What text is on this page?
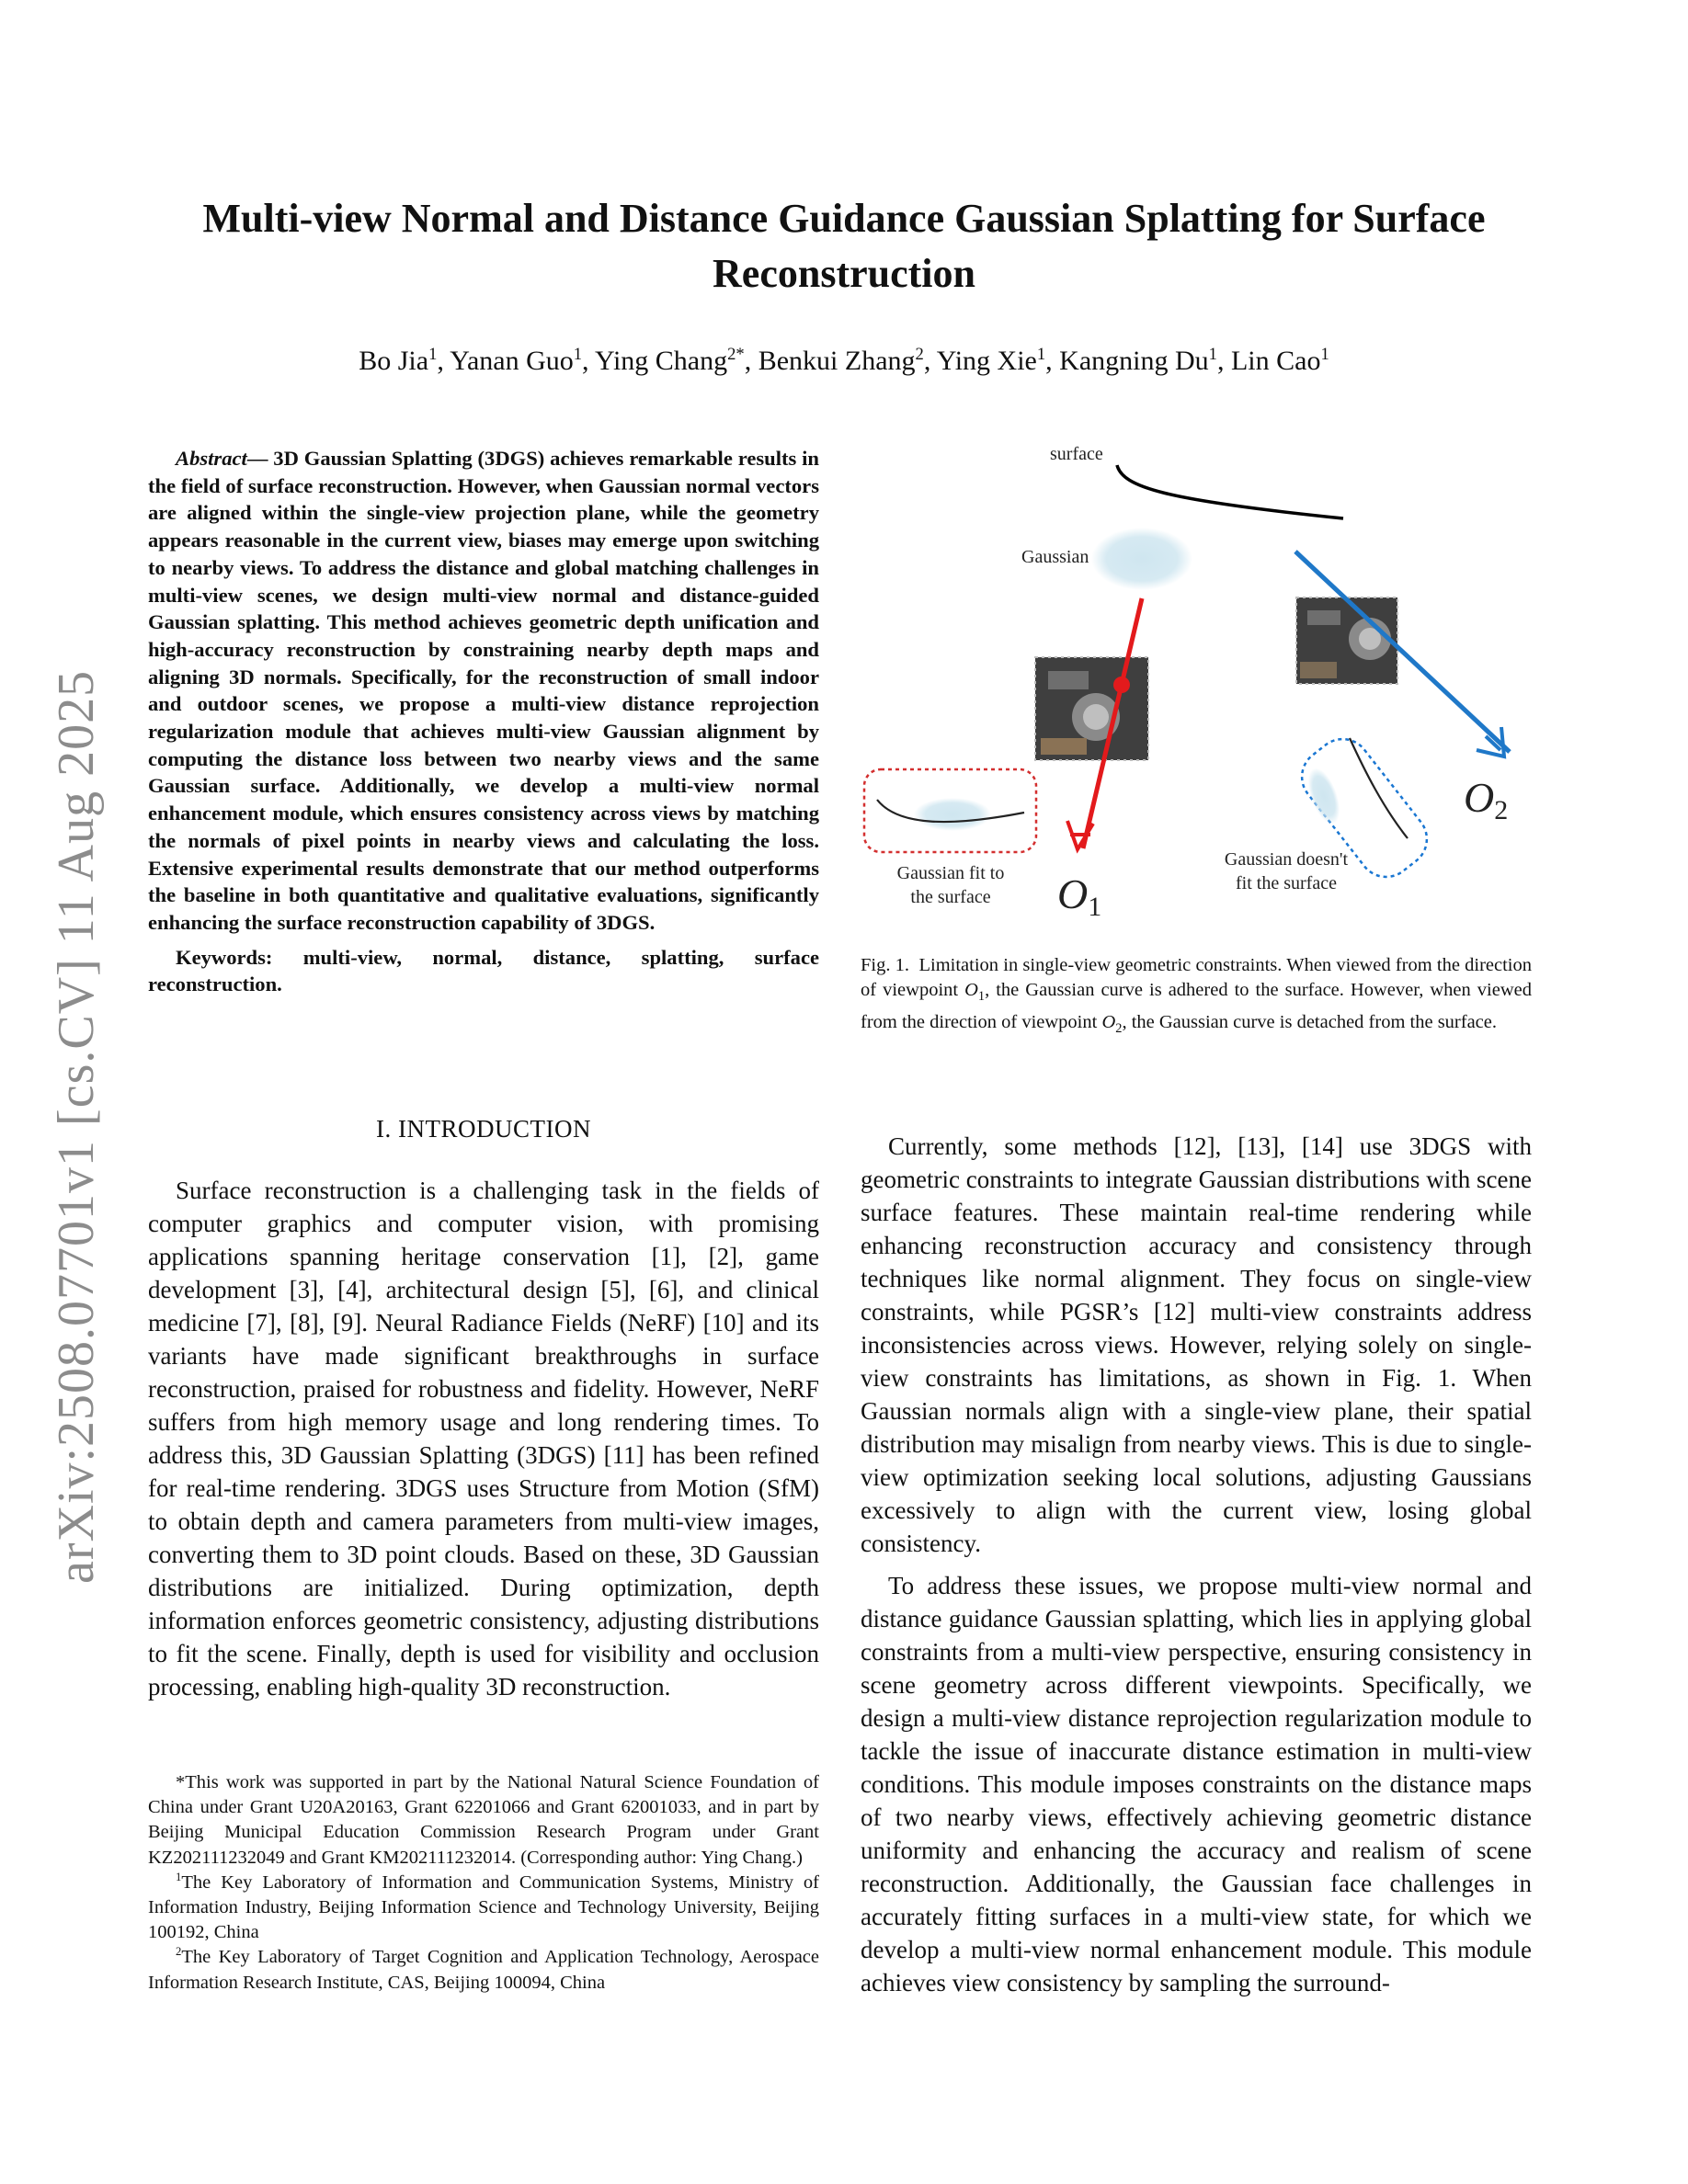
arXiv:2508.07701v1 [cs.CV] 11 Aug 2025
Multi-view Normal and Distance Guidance Gaussian Splatting for Surface Reconstruction
Bo Jia$^1$, Yanan Guo$^1$, Ying Chang$^{2*}$, Benkui Zhang$^2$, Ying Xie$^1$, Kangning Du$^1$, Lin Cao$^1$

Abstract— 3D Gaussian Splatting (3DGS) achieves remarkable results in the field of surface reconstruction. However, when Gaussian normal vectors are aligned within the single-view projection plane, while the geometry appears reasonable in the current view, biases may emerge upon switching to nearby views. To address the distance and global matching challenges in multi-view scenes, we design multi-view normal and distance-guided Gaussian splatting. This method achieves geometric depth unification and high-accuracy reconstruction by constraining nearby depth maps and aligning 3D normals. Specifically, for the reconstruction of small indoor and outdoor scenes, we propose a multi-view distance reprojection regularization module that achieves multi-view Gaussian alignment by computing the distance loss between two nearby views and the same Gaussian surface. Additionally, we develop a multi-view normal enhancement module, which ensures consistency across views by matching the normals of pixel points in nearby views and calculating the loss. Extensive experimental results demonstrate that our method outperforms the baseline in both quantitative and qualitative evaluations, significantly enhancing the surface reconstruction capability of 3DGS.

Keywords: multi-view, normal, distance, splatting, surface reconstruction.

I. INTRODUCTION

Surface reconstruction is a challenging task in the fields of computer graphics and computer vision, with promising applications spanning heritage conservation [1], [2], game development [3], [4], architectural design [5], [6], and clinical medicine [7], [8], [9]. Neural Radiance Fields (NeRF) [10] and its variants have made significant breakthroughs in surface reconstruction, praised for robustness and fidelity. However, NeRF suffers from high memory usage and long rendering times. To address this, 3D Gaussian Splatting (3DGS) [11] has been refined for real-time rendering. 3DGS uses Structure from Motion (SfM) to obtain depth and camera parameters from multi-view images, converting them to 3D point clouds. Based on these, 3D Gaussian distributions are initialized. During optimization, depth information enforces geometric consistency, adjusting distributions to fit the scene. Finally, depth is used for visibility and occlusion processing, enabling high-quality 3D reconstruction.

*This work was supported in part by the National Natural Science Foundation of China under Grant U20A20163, Grant 62201066 and Grant 62001033, and in part by Beijing Municipal Education Commission Research Program under Grant KZ202111232049 and Grant KM202111232014. (Corresponding author: Ying Chang.)

$^1$The Key Laboratory of Information and Communication Systems, Ministry of Information Industry, Beijing Information Science and Technology University, Beijing 100192, China

$^2$The Key Laboratory of Target Cognition and Application Technology, Aerospace Information Research Institute, CAS, Beijing 100094, China

surface
Gaussian
Gaussian fit to
the surface
Gaussian doesn't
fit the surface
O1
O2

Fig. 1. Limitation in single-view geometric constraints. When viewed from the direction of viewpoint $O_1$, the Gaussian curve is adhered to the surface. However, when viewed from the direction of viewpoint $O_2$, the Gaussian curve is detached from the surface.

Currently, some methods [12], [13], [14] use 3DGS with geometric constraints to integrate Gaussian distributions with scene surface features. These maintain real-time rendering while enhancing reconstruction accuracy and consistency through techniques like normal alignment. They focus on single-view constraints, while PGSR’s [12] multi-view constraints address inconsistencies across views. However, relying solely on single-view constraints has limitations, as shown in Fig. 1. When Gaussian normals align with a single-view plane, their spatial distribution may misalign from nearby views. This is due to single-view optimization seeking local solutions, adjusting Gaussians excessively to align with the current view, losing global consistency.

To address these issues, we propose multi-view normal and distance guidance Gaussian splatting, which lies in applying global constraints from a multi-view perspective, ensuring consistency in scene geometry across different viewpoints. Specifically, we design a multi-view distance reprojection regularization module to tackle the issue of inaccurate distance estimation in multi-view conditions. This module imposes constraints on the distance maps of two nearby views, effectively achieving geometric distance uniformity and enhancing the accuracy and realism of scene reconstruction. Additionally, the Gaussian face challenges in accurately fitting surfaces in a multi-view state, for which we develop a multi-view normal enhancement module. This module achieves view consistency by sampling the surround-
